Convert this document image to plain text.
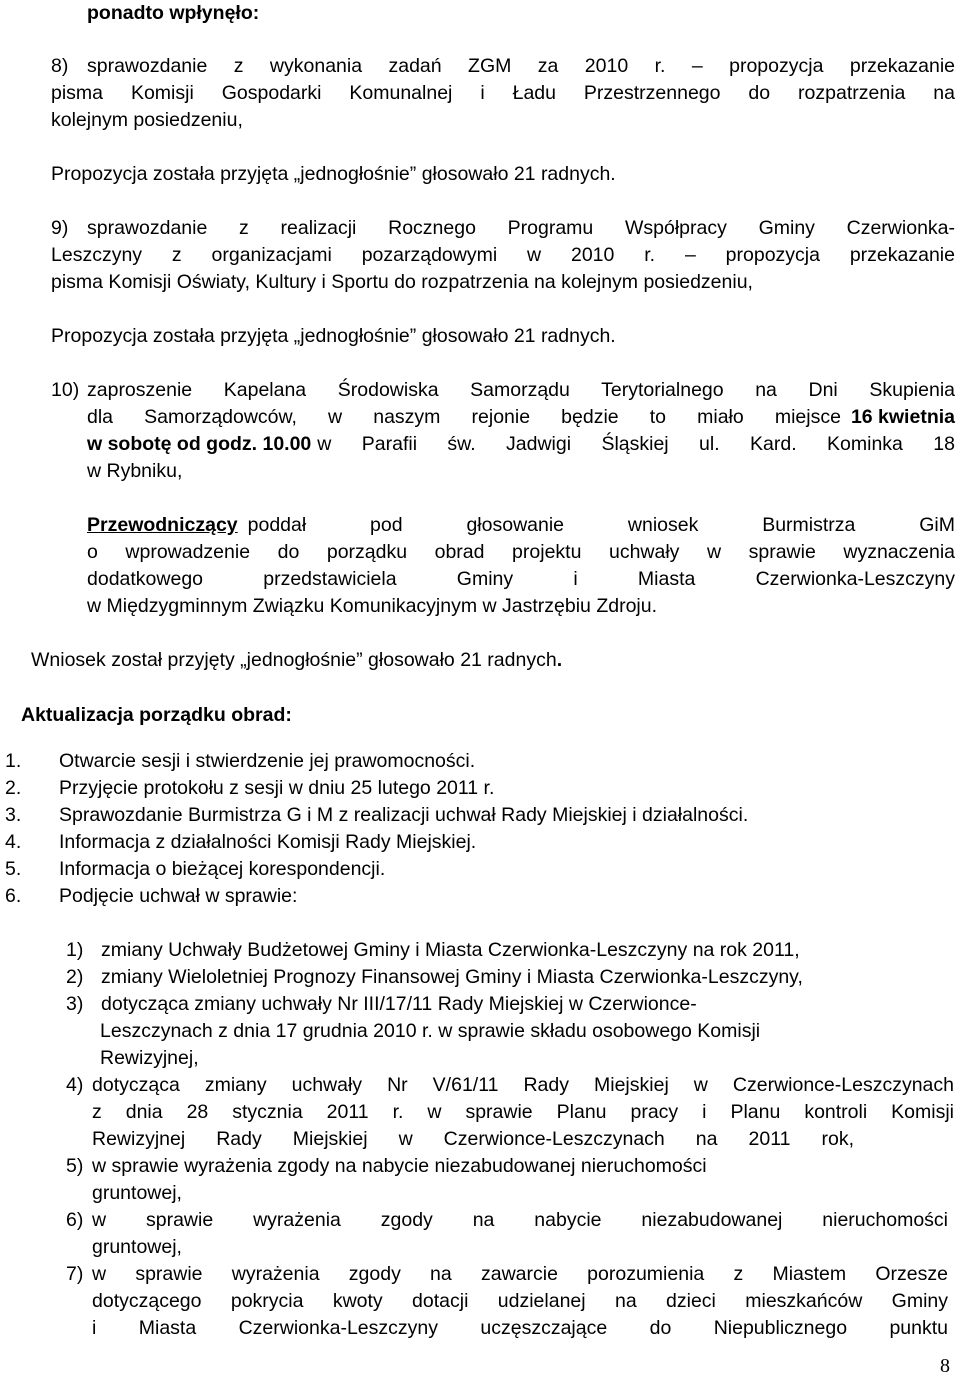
ponadto wpłynęło:
8) sprawozdanie z wykonania zadań ZGM za 2010 r. – propozycja przekazanie
pisma Komisji Gospodarki Komunalnej i Ładu Przestrzennego do rozpatrzenia na
kolejnym posiedzeniu,
Propozycja została przyjęta „jednogłośnie” głosowało 21 radnych.
9) sprawozdanie z realizacji Rocznego Programu Współpracy Gminy Czerwionka-
Leszczyny z organizacjami pozarządowymi w 2010 r. – propozycja przekazanie
pisma Komisji Oświaty, Kultury i Sportu do rozpatrzenia na kolejnym posiedzeniu,
Propozycja została przyjęta „jednogłośnie” głosowało 21 radnych.
10) zaproszenie Kapelana Środowiska Samorządu Terytorialnego na Dni Skupienia
dla Samorządowców, w naszym rejonie będzie to miało miejsce 16 kwietnia
w sobotę od godz. 10.00 w Parafii św. Jadwigi Śląskiej ul. Kard. Kominka 18
w Rybniku,
Przewodniczący poddał pod głosowanie wniosek Burmistrza GiM
o wprowadzenie do porządku obrad projektu uchwały w sprawie wyznaczenia
dodatkowego przedstawiciela Gminy i Miasta Czerwionka-Leszczyny
w Międzygminnym Związku Komunikacyjnym w Jastrzębiu Zdroju.
Wniosek został przyjęty „jednogłośnie” głosowało 21 radnych.
Aktualizacja porządku obrad:
1. Otwarcie sesji i stwierdzenie jej prawomocności.
2. Przyjęcie protokołu z sesji w dniu 25 lutego 2011 r.
3. Sprawozdanie Burmistrza G i M z realizacji uchwał Rady Miejskiej i działalności.
4. Informacja z działalności Komisji Rady Miejskiej.
5. Informacja o bieżącej korespondencji.
6. Podjęcie uchwał w sprawie:
1) zmiany Uchwały Budżetowej Gminy i Miasta Czerwionka-Leszczyny na rok 2011,
2) zmiany Wieloletniej Prognozy Finansowej Gminy i Miasta Czerwionka-Leszczyny,
3) dotycząca zmiany uchwały Nr III/17/11 Rady Miejskiej w Czerwionce-
Leszczynach z dnia 17 grudnia 2010 r. w sprawie składu osobowego Komisji
Rewizyjnej,
4) dotycząca zmiany uchwały Nr V/61/11 Rady Miejskiej w Czerwionce-Leszczynach
z dnia 28 stycznia 2011 r. w sprawie Planu pracy i Planu kontroli Komisji
Rewizyjnej Rady Miejskiej w Czerwionce-Leszczynach na 2011 rok,
5) w sprawie wyrażenia zgody na nabycie niezabudowanej nieruchomości
gruntowej,
6) w sprawie wyrażenia zgody na nabycie niezabudowanej nieruchomości
gruntowej,
7) w sprawie wyrażenia zgody na zawarcie porozumienia z Miastem Orzesze
dotyczącego pokrycia kwoty dotacji udzielanej na dzieci mieszkańców Gminy
i Miasta Czerwionka-Leszczyny uczęszczające do Niepublicznego punktu
8
